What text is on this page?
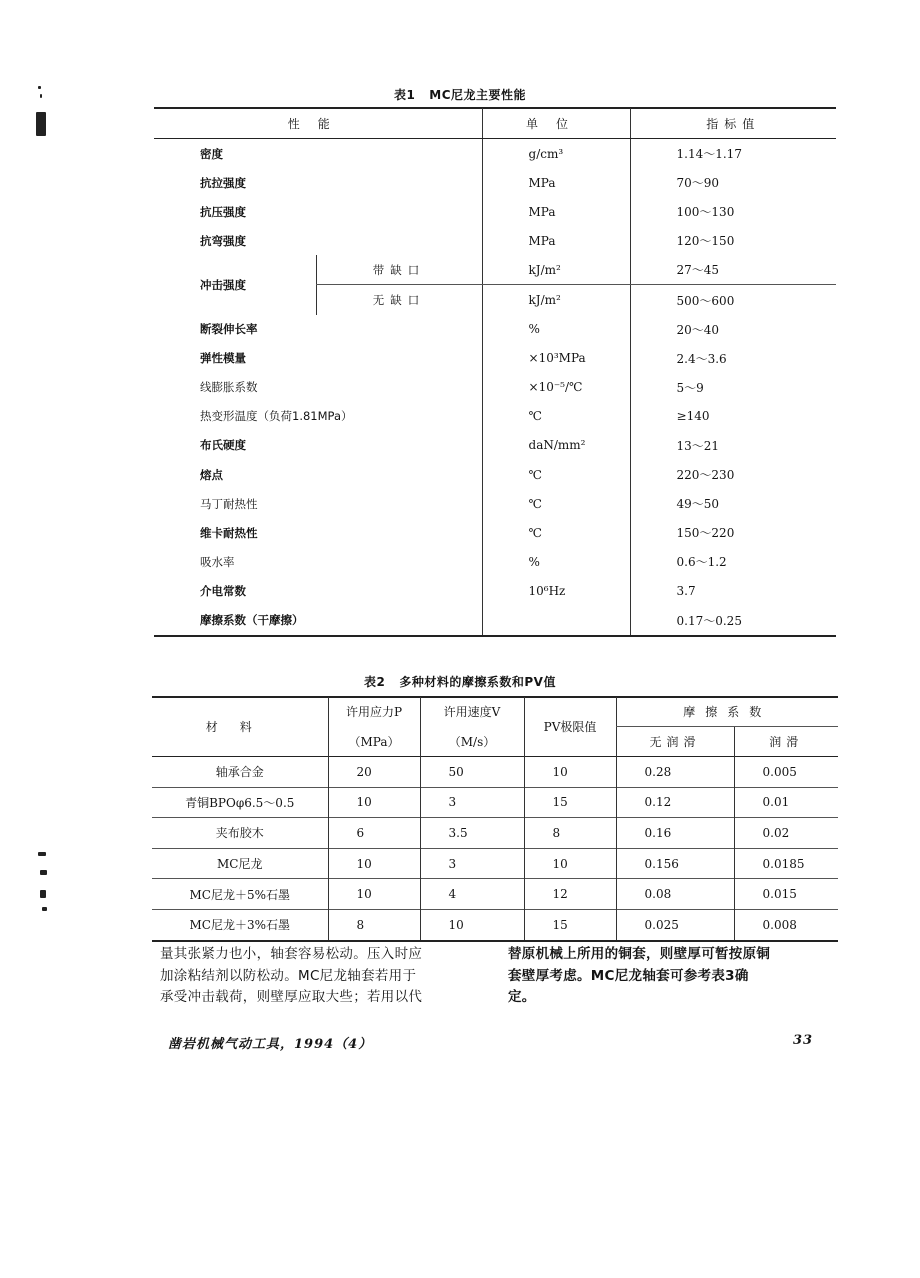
表1 MC尼龙主要性能
性能		单位	指标值
密度		g/cm³	1.14～1.17
抗拉强度		MPa	70～90
抗压强度		MPa	100～130
抗弯强度		MPa	120～150
冲击强度	带缺口	kJ/m²	27～45
	无缺口	kJ/m²	500～600
断裂伸长率		%	20～40
弹性模量		×10³MPa	2.4～3.6
线膨胀系数		×10⁻⁵/℃	5～9
热变形温度（负荷1.81MPa）		℃	≥140
布氏硬度		daN/mm²	13～21
熔点		℃	220～230
马丁耐热性		℃	49～50
维卡耐热性		℃	150～220
吸水率		%	0.6～1.2
介电常数		10⁶Hz	3.7
摩擦系数（干摩擦）			0.17～0.25
表2 多种材料的摩擦系数和PV值
材料	许用应力P	许用速度V	PV极限值	摩擦系数	
	（MPa）	（M/s）		无润滑	润滑
轴承合金	20	50	10	0.28	0.005
青铜BPOφ6.5～0.5	10	3	15	0.12	0.01
夹布胶木	6	3.5	8	0.16	0.02
MC尼龙	10	3	10	0.156	0.0185
MC尼龙＋5%石墨	10	4	12	0.08	0.015
MC尼龙＋3%石墨	8	10	15	0.025	0.008
量其张紧力也小，轴套容易松动。压入时应
加涂粘结剂以防松动。MC尼龙轴套若用于
承受冲击载荷，则壁厚应取大些；若用以代
替原机械上所用的铜套，则壁厚可暂按原铜
套壁厚考虑。MC尼龙轴套可参考表3确
定。
凿岩机械气动工具，1994（4）	33
